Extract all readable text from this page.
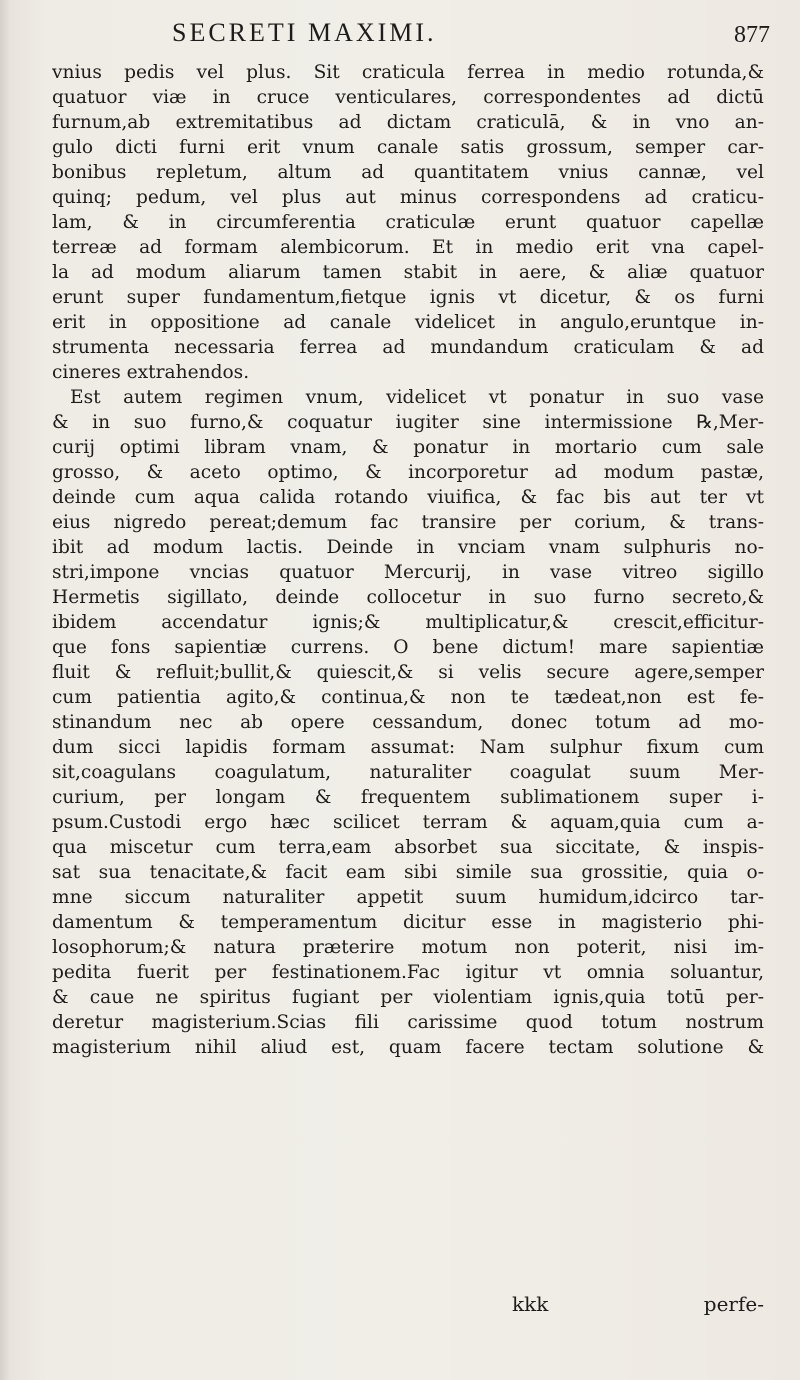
SECRETI MAXIMI.	877
vnius pedis vel plus. Sit craticula ferrea in medio rotunda,&
quatuor viæ in cruce venticulares, correspondentes ad dictū
furnum,ab extremitatibus ad dictam craticulā, & in vno an-
gulo dicti furni erit vnum canale satis grossum, semper car-
bonibus repletum, altum ad quantitatem vnius cannæ, vel
quinq; pedum, vel plus aut minus correspondens ad craticu-
lam, & in circumferentia craticulæ erunt quatuor capellæ
terreæ ad formam alembicorum. Et in medio erit vna capel-
la ad modum aliarum tamen stabit in aere, & aliæ quatuor
erunt super fundamentum,fietque ignis vt dicetur, & os furni
erit in oppositione ad canale videlicet in angulo,eruntque in-
strumenta necessaria ferrea ad mundandum craticulam & ad
cineres extrahendos.
Est autem regimen vnum, videlicet vt ponatur in suo vase
& in suo furno,& coquatur iugiter sine intermissione ℞,Mer-
curij optimi libram vnam, & ponatur in mortario cum sale
grosso, & aceto optimo, & incorporetur ad modum pastæ,
deinde cum aqua calida rotando viuifica, & fac bis aut ter vt
eius nigredo pereat;demum fac transire per corium, & trans-
ibit ad modum lactis. Deinde in vnciam vnam sulphuris no-
stri,impone vncias quatuor Mercurij, in vase vitreo sigillo
Hermetis sigillato, deinde collocetur in suo furno secreto,&
ibidem accendatur ignis;& multiplicatur,& crescit,efficitur-
que fons sapientiæ currens. O bene dictum! mare sapientiæ
fluit & refluit;bullit,& quiescit,& si velis secure agere,semper
cum patientia agito,& continua,& non te tædeat,non est fe-
stinandum nec ab opere cessandum, donec totum ad mo-
dum sicci lapidis formam assumat: Nam sulphur fixum cum
sit,coagulans coagulatum, naturaliter coagulat suum Mer-
curium, per longam & frequentem sublimationem super i-
psum.Custodi ergo hæc scilicet terram & aquam,quia cum a-
qua miscetur cum terra,eam absorbet sua siccitate, & inspis-
sat sua tenacitate,& facit eam sibi simile sua grossitie, quia o-
mne siccum naturaliter appetit suum humidum,idcirco tar-
damentum & temperamentum dicitur esse in magisterio phi-
losophorum;& natura præterire motum non poterit, nisi im-
pedita fuerit per festinationem.Fac igitur vt omnia soluantur,
& caue ne spiritus fugiant per violentiam ignis,quia totū per-
deretur magisterium.Scias fili carissime quod totum nostrum
magisterium nihil aliud est, quam facere tectam solutione &
kkk	perfe-
